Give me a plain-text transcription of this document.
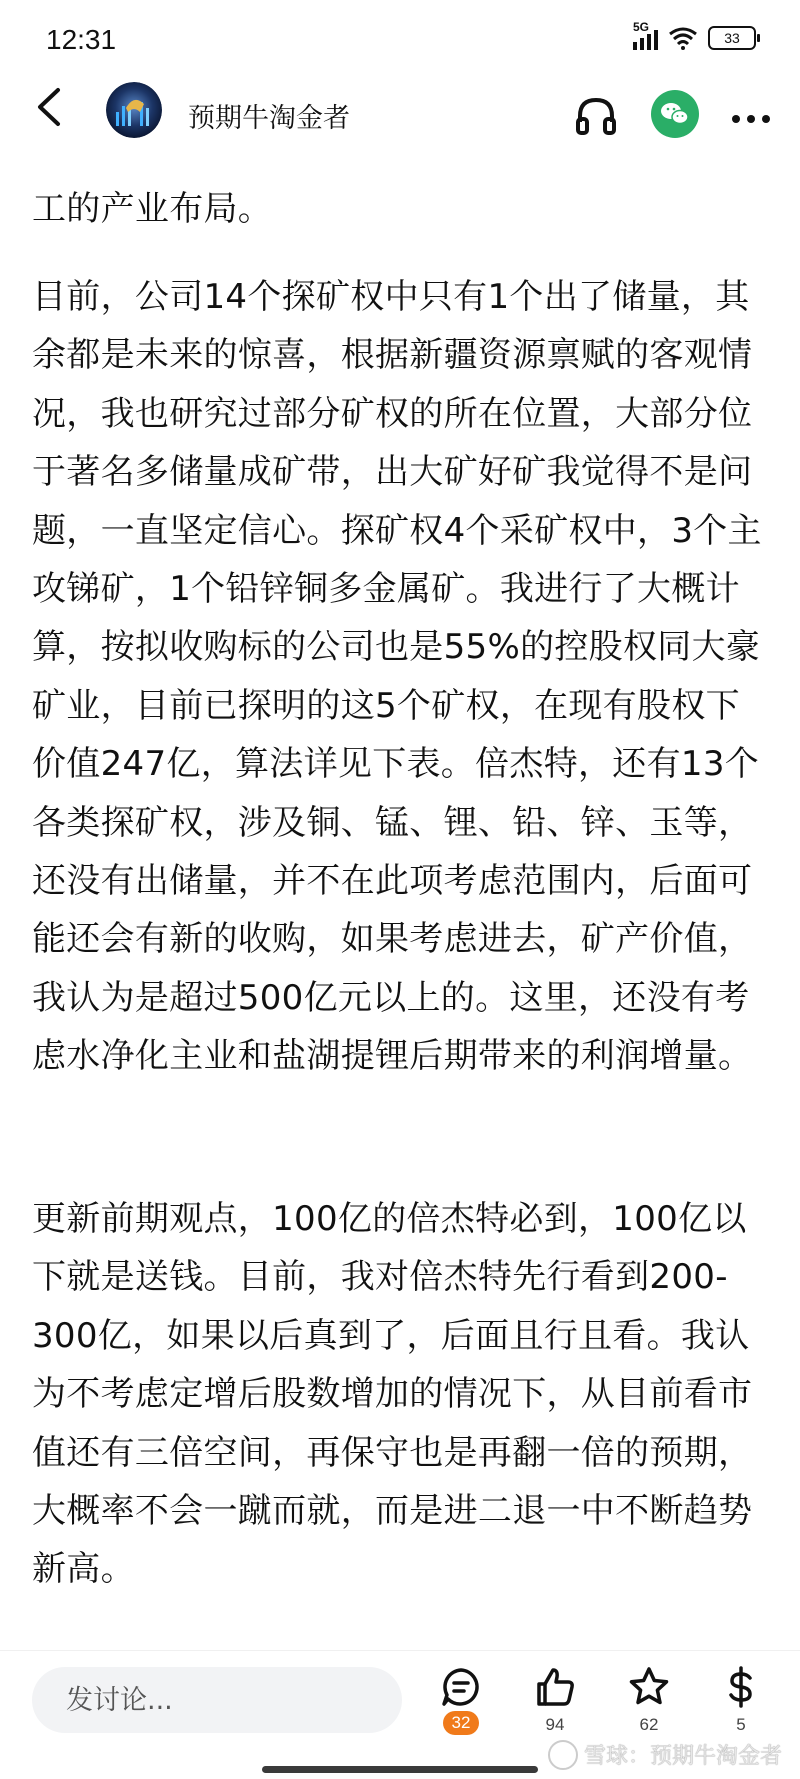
12:31	5G
33
预期牛淘金者

工的产业布局。

目前，公司14个探矿权中只有1个出了储量，其余都是未来的惊喜，根据新疆资源禀赋的客观情况，我也研究过部分矿权的所在位置，大部分位于著名多储量成矿带，出大矿好矿我觉得不是问题，一直坚定信心。探矿权4个采矿权中，3个主攻锑矿，1个铅锌铜多金属矿。我进行了大概计算，按拟收购标的公司也是55%的控股权同大豪矿业，目前已探明的这5个矿权，在现有股权下价值247亿，算法详见下表。倍杰特，还有13个各类探矿权，涉及铜、锰、锂、铅、锌、玉等，还没有出储量，并不在此项考虑范围内，后面可能还会有新的收购，如果考虑进去，矿产价值，我认为是超过500亿元以上的。这里，还没有考虑水净化主业和盐湖提锂后期带来的利润增量。

更新前期观点，100亿的倍杰特必到，100亿以下就是送钱。目前，我对倍杰特先行看到200-300亿，如果以后真到了，后面且行且看。我认为不考虑定增后股数增加的情况下，从目前看市值还有三倍空间，再保守也是再翻一倍的预期，大概率不会一蹴而就，而是进二退一中不断趋势新高。

发讨论...
32	94	62	5
雪球：预期牛淘金者
